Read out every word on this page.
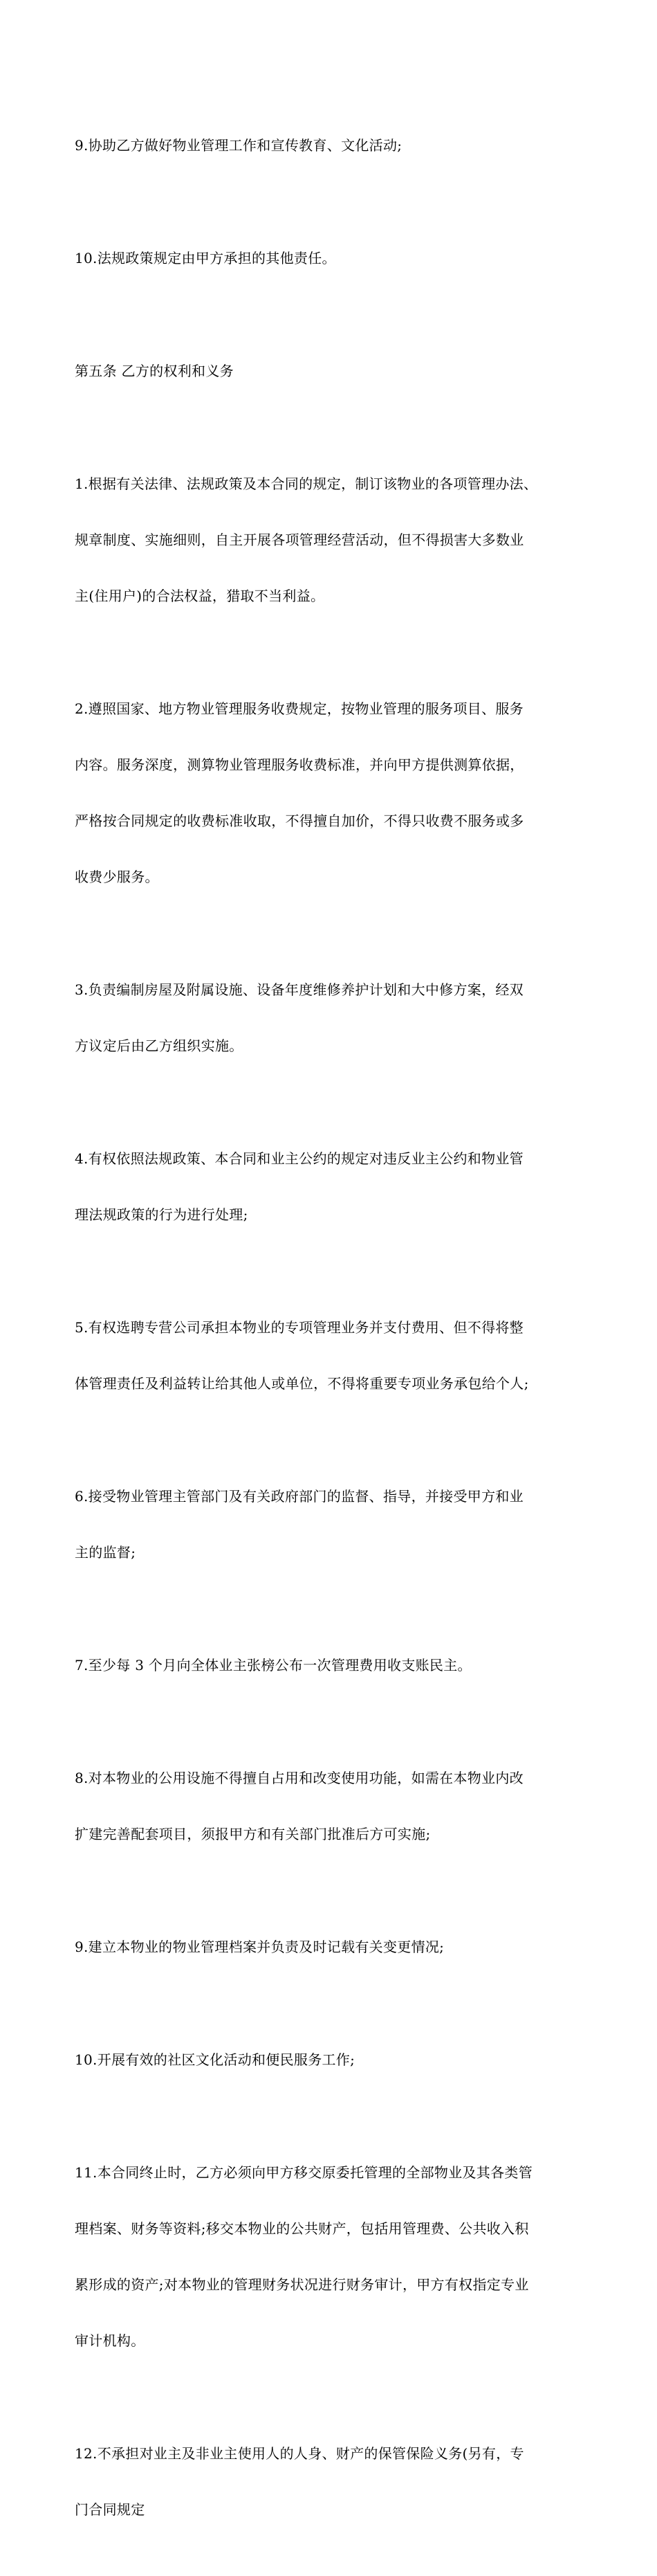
9.协助乙方做好物业管理工作和宣传教育、文化活动;

10.法规政策规定由甲方承担的其他责任。

第五条 乙方的权利和义务

1.根据有关法律、法规政策及本合同的规定，制订该物业的各项管理办法、

规章制度、实施细则，自主开展各项管理经营活动，但不得损害大多数业

主(住用户)的合法权益，猎取不当利益。

2.遵照国家、地方物业管理服务收费规定，按物业管理的服务项目、服务

内容。服务深度，测算物业管理服务收费标准，并向甲方提供测算依据，

严格按合同规定的收费标准收取，不得擅自加价，不得只收费不服务或多

收费少服务。

3.负责编制房屋及附属设施、设备年度维修养护计划和大中修方案，经双

方议定后由乙方组织实施。

4.有权依照法规政策、本合同和业主公约的规定对违反业主公约和物业管

理法规政策的行为进行处理;

5.有权选聘专营公司承担本物业的专项管理业务并支付费用、但不得将整

体管理责任及利益转让给其他人或单位，不得将重要专项业务承包给个人;

6.接受物业管理主管部门及有关政府部门的监督、指导，并接受甲方和业

主的监督;

7.至少每 3 个月向全体业主张榜公布一次管理费用收支账民主。

8.对本物业的公用设施不得擅自占用和改变使用功能，如需在本物业内改

扩建完善配套项目，须报甲方和有关部门批准后方可实施;

9.建立本物业的物业管理档案并负责及时记载有关变更情况;

10.开展有效的社区文化活动和便民服务工作;

11.本合同终止时，乙方必须向甲方移交原委托管理的全部物业及其各类管

理档案、财务等资料;移交本物业的公共财产，包括用管理费、公共收入积

累形成的资产;对本物业的管理财务状况进行财务审计，甲方有权指定专业

审计机构。

12.不承担对业主及非业主使用人的人身、财产的保管保险义务(另有，专

门合同规定
